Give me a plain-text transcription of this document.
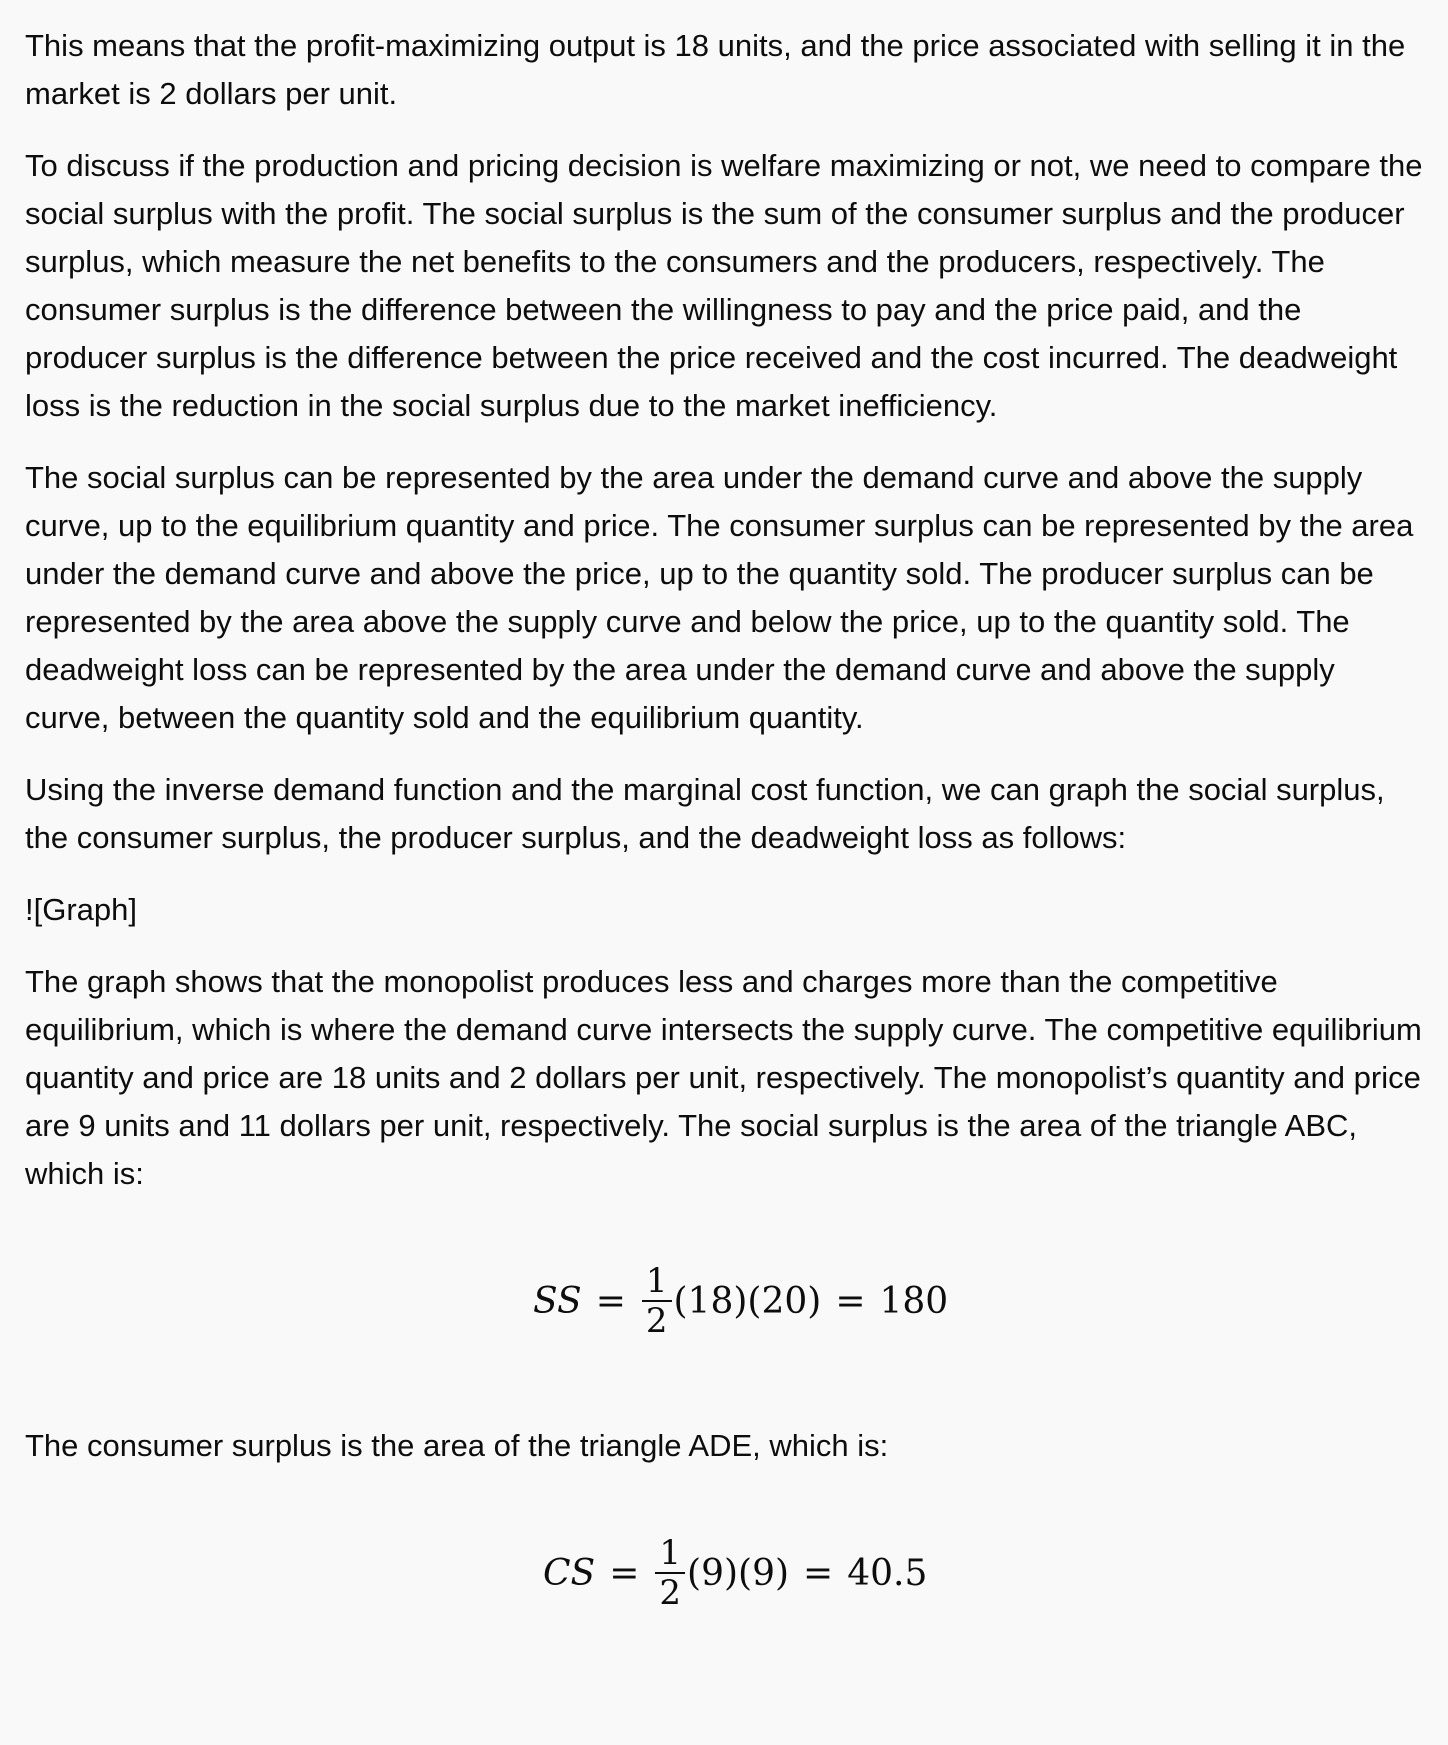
This means that the profit-maximizing output is 18 units, and the price associated with selling it in the market is 2 dollars per unit.

To discuss if the production and pricing decision is welfare maximizing or not, we need to compare the social surplus with the profit. The social surplus is the sum of the consumer surplus and the producer surplus, which measure the net benefits to the consumers and the producers, respectively. The consumer surplus is the difference between the willingness to pay and the price paid, and the producer surplus is the difference between the price received and the cost incurred. The deadweight loss is the reduction in the social surplus due to the market inefficiency.

The social surplus can be represented by the area under the demand curve and above the supply curve, up to the equilibrium quantity and price. The consumer surplus can be represented by the area under the demand curve and above the price, up to the quantity sold. The producer surplus can be represented by the area above the supply curve and below the price, up to the quantity sold. The deadweight loss can be represented by the area under the demand curve and above the supply curve, between the quantity sold and the equilibrium quantity.

Using the inverse demand function and the marginal cost function, we can graph the social surplus, the consumer surplus, the producer surplus, and the deadweight loss as follows:

![Graph]

The graph shows that the monopolist produces less and charges more than the competitive equilibrium, which is where the demand curve intersects the supply curve. The competitive equilibrium quantity and price are 18 units and 2 dollars per unit, respectively. The monopolist’s quantity and price are 9 units and 11 dollars per unit, respectively. The social surplus is the area of the triangle ABC, which is:

SS = $\frac{1}{2} (18)(20) = 180$

The consumer surplus is the area of the triangle ADE, which is:

CS = $\frac{1}{2} (9)(9) = 40.5$
